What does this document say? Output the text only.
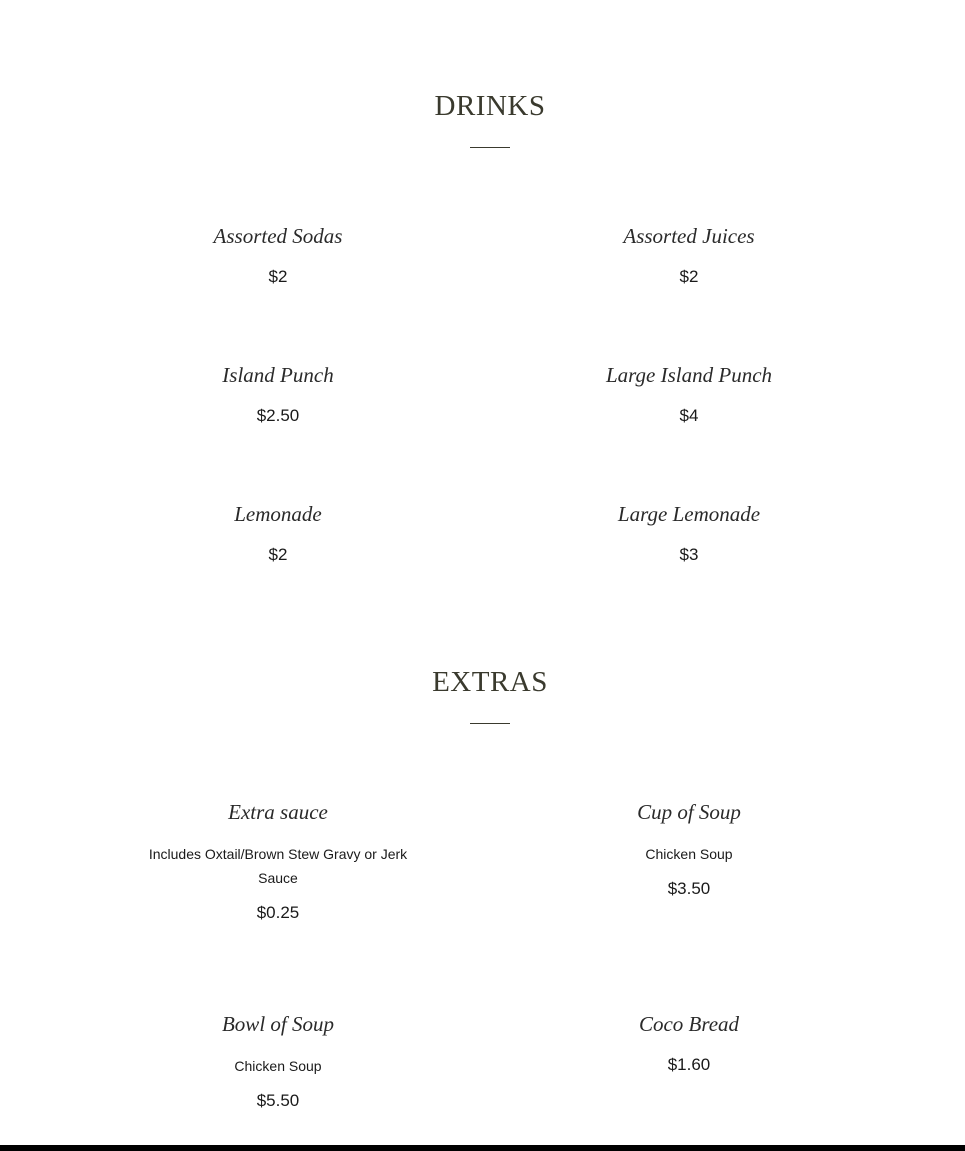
DRINKS
Assorted Sodas
$2
Assorted Juices
$2
Island Punch
$2.50
Large Island Punch
$4
Lemonade
$2
Large Lemonade
$3
EXTRAS
Extra sauce
Includes Oxtail/Brown Stew Gravy or Jerk Sauce
$0.25
Cup of Soup
Chicken Soup
$3.50
Bowl of Soup
Chicken Soup
$5.50
Coco Bread
$1.60
